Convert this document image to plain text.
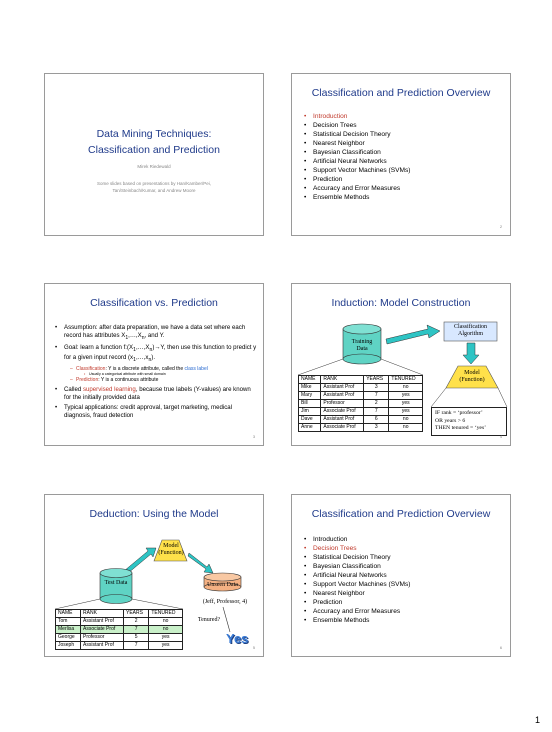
Data Mining Techniques:
Classification and Prediction
Mirek Riedewald
Some slides based on presentations by Han/Kamber/Pei, Tan/Steinbach/Kumar, and Andrew Moore
Classification and Prediction Overview
• Introduction
• Decision Trees
• Statistical Decision Theory
• Nearest Neighbor
• Bayesian Classification
• Artificial Neural Networks
• Support Vector Machines (SVMs)
• Prediction
• Accuracy and Error Measures
• Ensemble Methods
2
Classification vs. Prediction
• Assumption: after data preparation, we have a data set where each record has attributes $X_1,\dots,X_n$, and Y.
• Goal: learn a function $f:(X_1,\dots,X_n)\to Y$, then use this function to predict y for a given input record $(x_1,\dots,x_n)$.
– Classification: Y is a discrete attribute, called the class label
• Usually a categorical attribute with small domain
– Prediction: Y is a continuous attribute
• Called supervised learning, because true labels (Y-values) are known for the initially provided data
• Typical applications: credit approval, target marketing, medical diagnosis, fraud detection
3
Induction: Model Construction
Training Data
Classification Algorithm
Model (Function)
NAME	RANK	YEARS	TENURED
Mike	Assistant Prof	3	no
Mary	Assistant Prof	7	yes
Bill	Professor	2	yes
Jim	Associate Prof	7	yes
Dave	Assistant Prof	6	no
Anne	Associate Prof	3	no
IF rank = ‘professor’
OR years > 6
THEN tenured = ‘yes’
4
Deduction: Using the Model
Model (Function)
Test Data	Unseen Data
(Jeff, Professor, 4)
Tenured?
Yes
NAME	RANK	YEARS	TENURED
Tom	Assistant Prof	2	no
Merlisa	Associate Prof	7	no
George	Professor	5	yes
Joseph	Assistant Prof	7	yes	5
Classification and Prediction Overview
• Introduction
• Decision Trees
• Statistical Decision Theory
• Bayesian Classification
• Artificial Neural Networks
• Support Vector Machines (SVMs)
• Nearest Neighbor
• Prediction
• Accuracy and Error Measures
• Ensemble Methods
6
1
